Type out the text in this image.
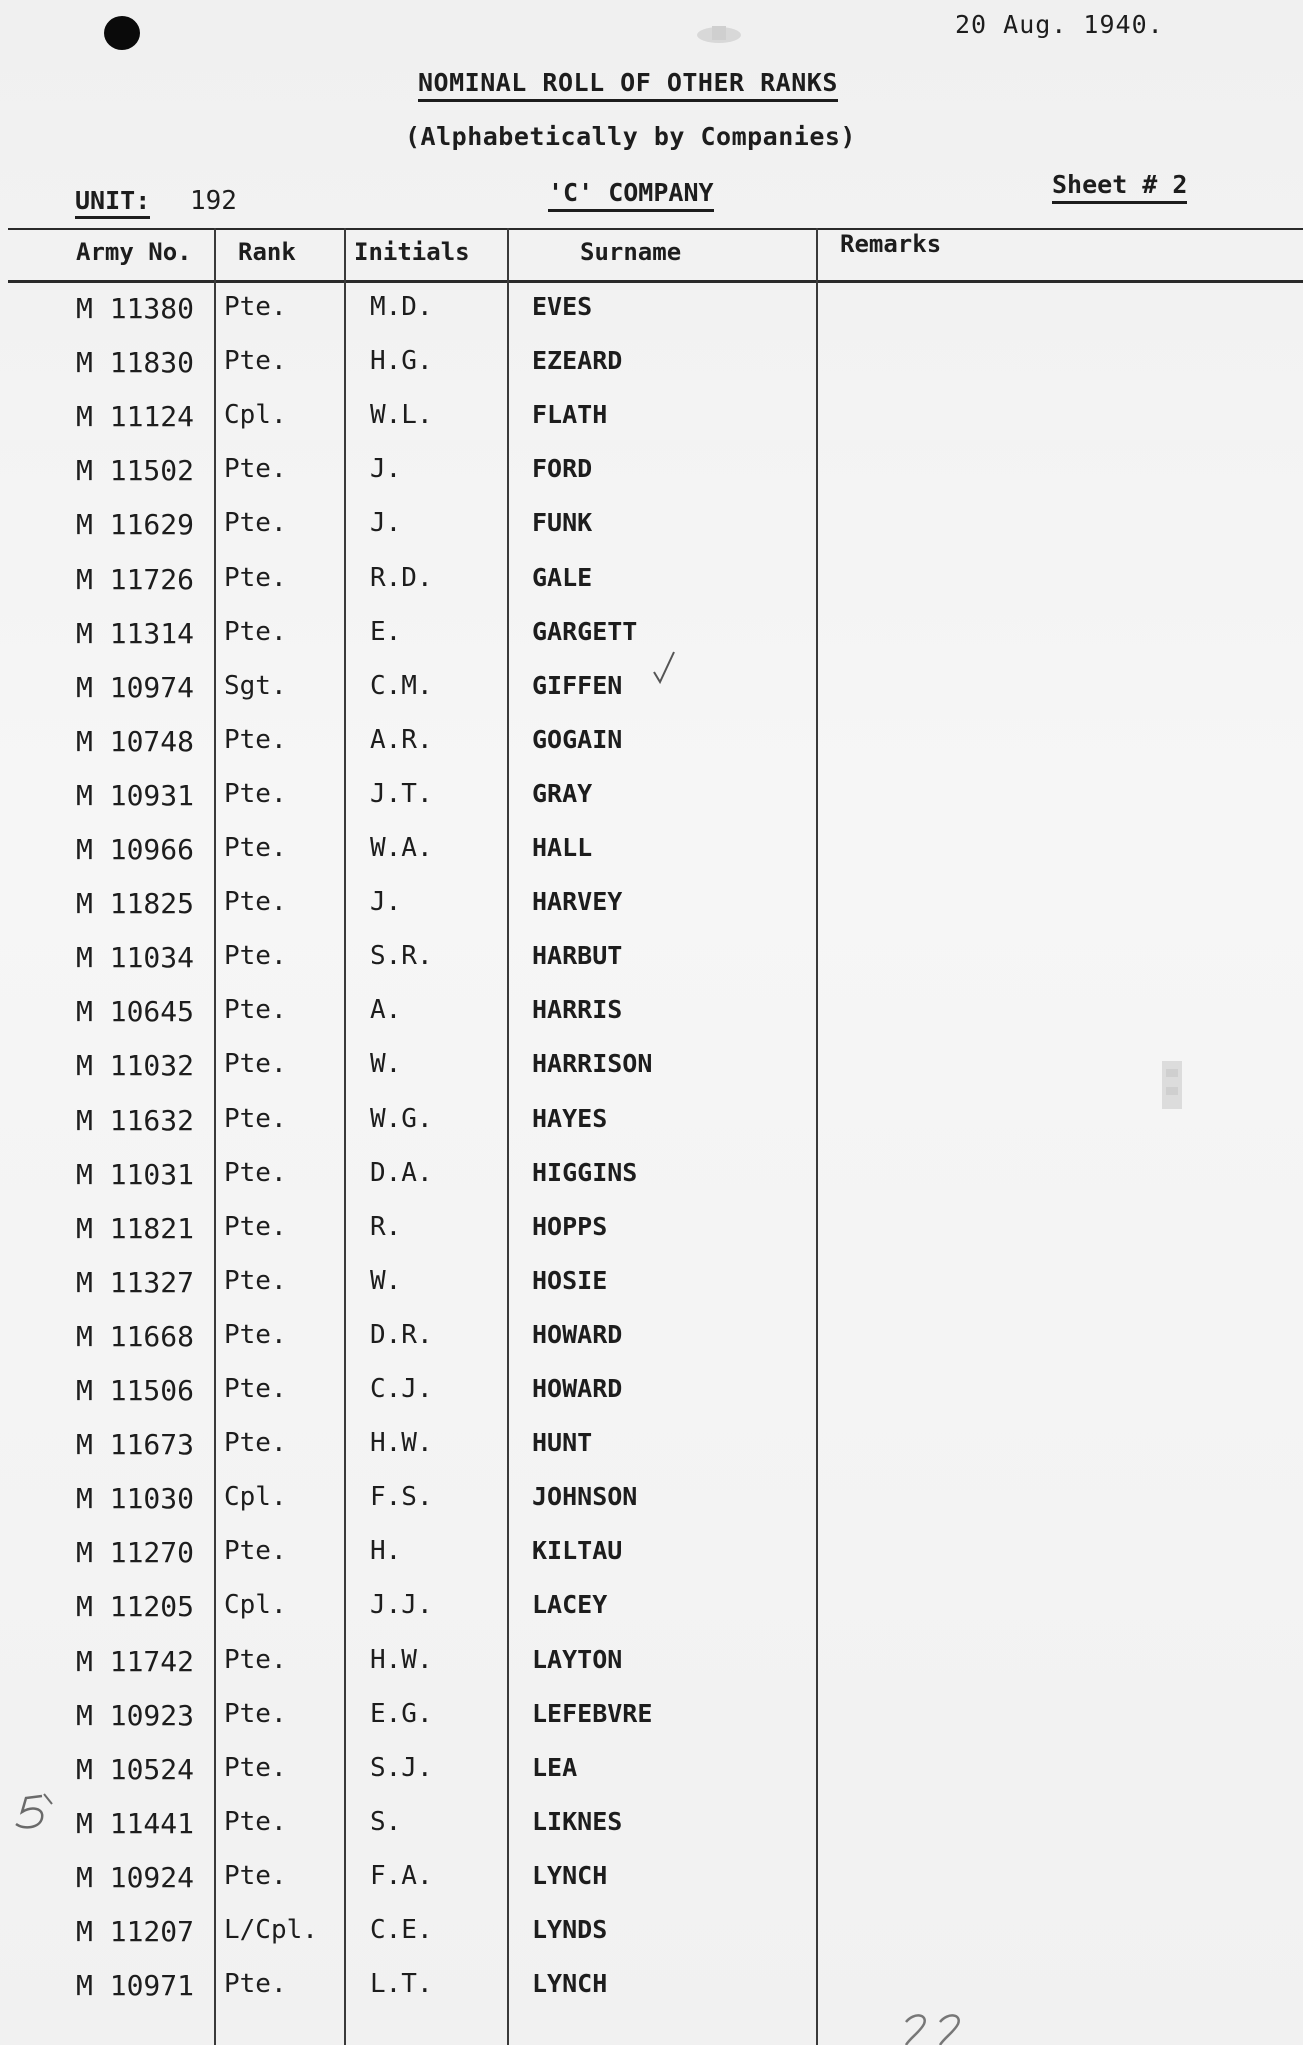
20 Aug. 1940.
NOMINAL ROLL OF OTHER RANKS
(Alphabetically by Companies)
UNIT: 192	'C' COMPANY	Sheet # 2
Army No. Rank Initials	Surname	Remarks
M 11380 Pte.	M.D.	EVES
M 11830 Pte.	H.G.	EZEARD
M 11124 Cpl.	W.L.	FLATH
M 11502 Pte.	J.	FORD
M 11629 Pte.	J.	FUNK
M 11726 Pte.	R.D.	GALE
M 11314 Pte.	E.	GARGETT
M 10974 Sgt.	C.M.	GIFFEN
M 10748 Pte.	A.R.	GOGAIN
M 10931 Pte.	J.T.	GRAY
M 10966 Pte.	W.A.	HALL
M 11825 Pte.	J.	HARVEY
M 11034 Pte.	S.R.	HARBUT
M 10645 Pte.	A.	HARRIS
M 11032 Pte.	W.	HARRISON
M 11632 Pte.	W.G.	HAYES
M 11031 Pte.	D.A.	HIGGINS
M 11821 Pte.	R.	HOPPS
M 11327 Pte.	W.	HOSIE
M 11668 Pte.	D.R.	HOWARD
M 11506 Pte.	C.J.	HOWARD
M 11673 Pte.	H.W.	HUNT
M 11030 Cpl.	F.S.	JOHNSON
M 11270 Pte.	H.	KILTAU
M 11205 Cpl.	J.J.	LACEY
M 11742 Pte.	H.W.	LAYTON
M 10923 Pte.	E.G.	LEFEBVRE
M 10524 Pte.	S.J.	LEA
M 11441 Pte.	S.	LIKNES
M 10924 Pte.	F.A.	LYNCH
M 11207 L/Cpl. C.E.	LYNDS
M 10971 Pte.	L.T.	LYNCH
